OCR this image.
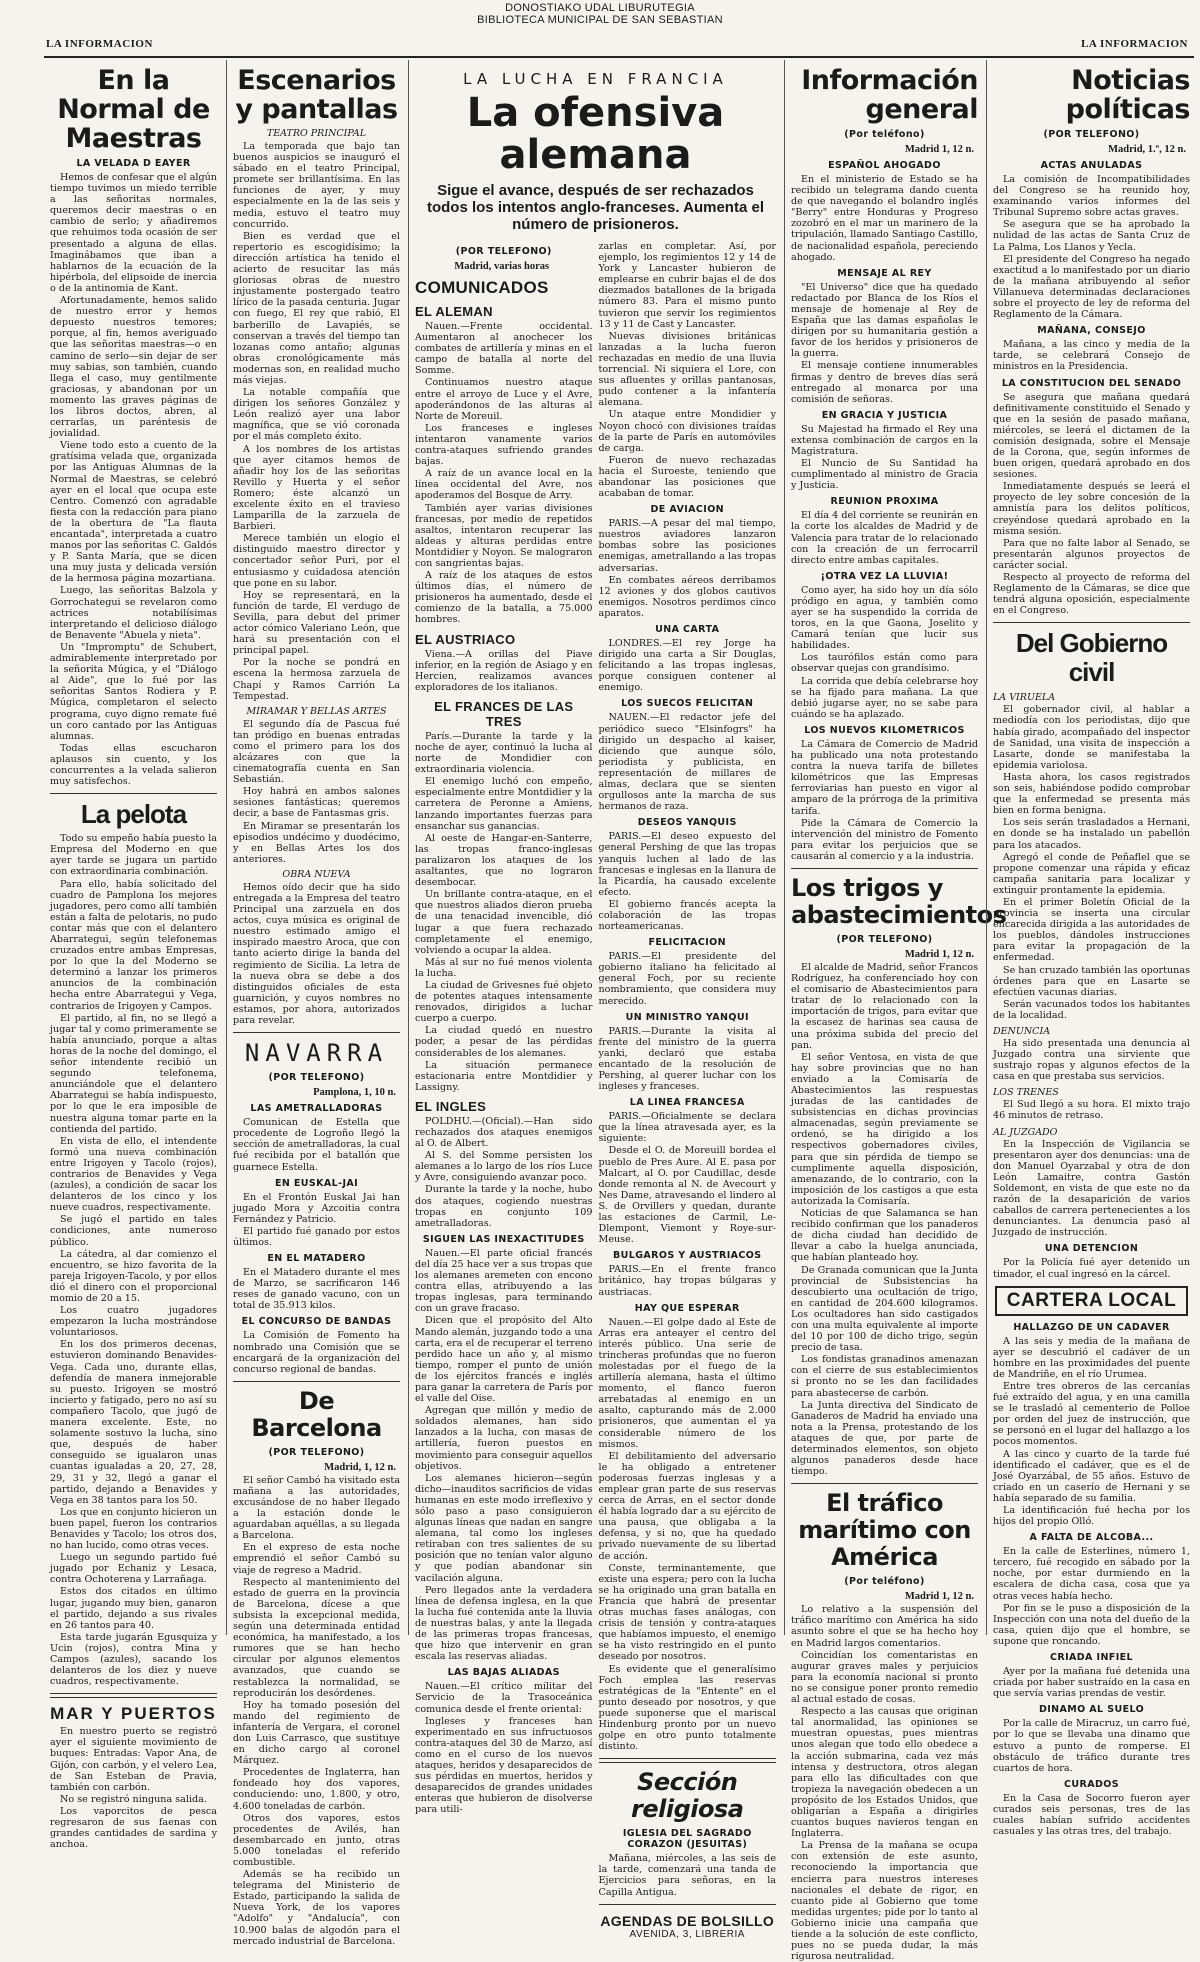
DONOSTIAKO UDAL LIBURUTEGIA
BIBLIOTECA MUNICIPAL DE SAN SEBASTIAN
LA INFORMACION	LA INFORMACION
En la Normal de Maestras
LA VELADA D EAYER

Hemos de confesar que el algún tiempo tuvimos un miedo terrible a las señoritas normales, queremos decir maestras o en cambio de serlo; y añadiremos que rehuimos toda ocasión de ser presentado a alguna de ellas. Imaginábamos que iban a hablarnos de la ecuación de la hipérbola, del elipsoide de inercia o de la antinomia de Kant.

Afortunadamente, hemos salido de nuestro error y hemos depuesto nuestros temores; porque, al fin, hemos averiguado que las señoritas maestras—o en camino de serlo—sin dejar de ser muy sabias, son también, cuando llega el caso, muy gentilmente graciosas, y abandonan por un momento las graves páginas de los libros doctos, abren, al cerrarlas, un paréntesis de jovialidad.

Viene todo esto a cuento de la gratísima velada que, organizada por las Antiguas Alumnas de la Normal de Maestras, se celebró ayer en el local que ocupa este Centro. Comenzó con agradable fiesta con la redacción para piano de la obertura de "La flauta encantada", interpretada a cuatro manos por las señoritas C. Galdós y P. Santa María, que se dicen una muy justa y delicada versión de la hermosa página mozartiana.

Luego, las señoritas Balzola y Gorrochategui se revelaron como actrices notabilísimas interpretando el delicioso diálogo de Benavente "Abuela y nieta".

Un "Impromptu" de Schubert, admirablemente interpretado por la señorita Múgica, y el "Diálogo al Aide", que lo fué por las señoritas Santos Rodiera y P. Múgica, completaron el selecto programa, cuyo digno remate fué un coro cantado por las Antiguas alumnas.

Todas ellas escucharon aplausos sin cuento, y los concurrentes a la velada salieron muy satisfechos.

La pelota

Todo su empeño había puesto la Empresa del Moderno en que ayer tarde se jugara un partido con extraordinaria combinación.

Para ello, había solicitado del cuadro de Pamplona los mejores jugadores, pero como allí también están a falta de pelotaris, no pudo contar más que con el delantero Abarrategui, según telefonemas cruzados entre ambas Empresas, por lo que la del Moderno se determinó a lanzar los primeros anuncios de la combinación hecha entre Abarrategui y Vega, contrarios de Irigoyen y Campos.

El partido, al fin, no se llegó a jugar tal y como primeramente se había anunciado, porque a altas horas de la noche del domingo, el señor intendente recibió un segundo telefonema, anunciándole que el delantero Abarrategui se había indispuesto, por lo que le era imposible de nuestra alguna tomar parte en la contienda del partido.

En vista de ello, el intendente formó una nueva combinación entre Irigoyen y Tacolo (rojos), contrarios de Benavides y Vega (azules), a condición de sacar los delanteros de los cinco y los nueve cuadros, respectivamente.

Se jugó el partido en tales condiciones, ante numeroso público.

La cátedra, al dar comienzo el encuentro, se hizo favorita de la pareja Irigoyen-Tacolo, y por ellos dió el dinero con el proporcional momio de 20 a 15.

Los cuatro jugadores empezaron la lucha mostrándose voluntariosos.

En los dos primeros decenas, estuvieron dominando Benavides-Vega. Cada uno, durante ellas, defendía de manera inmejorable su puesto. Irigoyen se mostró incierto y fatigado, pero no así su compañero Tacolo, que jugó de manera excelente. Este, no solamente sostuvo la lucha, sino que, después de haber conseguido se igualaron unas cuantas igualadas a 20, 27, 28, 29, 31 y 32, llegó a ganar el partido, dejando a Benavides y Vega en 38 tantos para los 50.

Los que en conjunto hicieron un buen papel, fueron los contrarios Benavides y Tacolo; los otros dos, no han lucido, como otras veces.

Luego un segundo partido fué jugado por Echaniz y Lesaca, contra Ochoterena y Larrañaga.

Estos dos citados en último lugar, jugando muy bien, ganaron el partido, dejando a sus rivales en 26 tantos para 40.

Esta tarde jugarán Egusquiza y Ucin (rojos), contra Mina y Campos (azules), sacando los delanteros de los diez y nueve cuadros, respectivamente.

MAR Y PUERTOS

En nuestro puerto se registró ayer el siguiente movimiento de buques: Entradas: Vapor Ana, de Gijón, con carbón, y el velero Lea, de San Esteban de Pravia, también con carbón.

No se registró ninguna salida.

Los vaporcitos de pesca regresaron de sus faenas con grandes cantidades de sardina y anchoa.

Escenarios y pantallas
TEATRO PRINCIPAL

La temporada que bajo tan buenos auspicios se inauguró el sábado en el teatro Principal, promete ser brillantísima. En las funciones de ayer, y muy especialmente en la de las seis y media, estuvo el teatro muy concurrido.

Bien es verdad que el repertorio es escogidísimo; la dirección artística ha tenido el acierto de resucitar las más gloriosas obras de nuestro injustamente postergado teatro lírico de la pasada centuria. Jugar con fuego, El rey que rabió, El barberillo de Lavapiés, se conservan a través del tiempo tan lozanas como antaño; algunas obras cronológicamente más modernas son, en realidad mucho más viejas.

La notable compañía que dirigen los señores González y León realizó ayer una labor magnífica, que se vió coronada por el más completo éxito.

A los nombres de los artistas que ayer citamos hemos de añadir hoy los de las señoritas Revillo y Huerta y el señor Romero; éste alcanzó un excelente éxito en el travieso Lamparilla de la zarzuela de Barbieri.

Merece también un elogio el distinguido maestro director y concertador señor Puri, por el entusiasmo y cuidadosa atención que pone en su labor.

Hoy se representará, en la función de tarde, El verdugo de Sevilla, para debut del primer actor cómico Valeriano León, que hará su presentación con el principal papel.

Por la noche se pondrá en escena la hermosa zarzuela de Chapí y Ramos Carrión La Tempestad.

MIRAMAR Y BELLAS ARTES

El segundo día de Pascua fué tan pródigo en buenas entradas como el primero para los dos alcázares con que la cinematografía cuenta en San Sebastián.

Hoy habrá en ambos salones sesiones fantásticas; queremos decir, a base de Fantasmas gris.

En Miramar se presentarán los episodios undécimo y duodécimo, y en Bellas Artes los dos anteriores.

OBRA NUEVA

Hemos oído decir que ha sido entregada a la Empresa del teatro Principal una zarzuela en dos actos, cuya música es original de nuestro estimado amigo el inspirado maestro Aroca, que con tanto acierto dirige la banda del regimiento de Sicilia. La letra de la nueva obra se debe a dos distinguidos oficiales de esta guarnición, y cuyos nombres no estamos, por ahora, autorizados para revelar.

NAVARRA
(POR TELEFONO)
Pamplona, 1, 10 n.
LAS AMETRALLADORAS

Comunican de Estella que procedente de Logroño llegó la sección de ametralladoras, la cual fué recibida por el batallón que guarnece Estella.

EN EUSKAL-JAI

En el Frontón Euskal Jai han jugado Mora y Azcoitia contra Fernández y Patricio.

El partido fué ganado por estos últimos.

EN EL MATADERO

En el Matadero durante el mes de Marzo, se sacrificaron 146 reses de ganado vacuno, con un total de 35.913 kilos.

EL CONCURSO DE BANDAS

La Comisión de Fomento ha nombrado una Comisión que se encargará de la organización del concurso regional de bandas.

De Barcelona
(POR TELEFONO)
Madrid, 1, 12 n.

El señor Cambó ha visitado esta mañana a las autoridades, excusándose de no haber llegado a la estación donde le aguardaban aquéllas, a su llegada a Barcelona.

En el expreso de esta noche emprendió el señor Cambó su viaje de regreso a Madrid.

Respecto al mantenimiento del estado de guerra en la provincia de Barcelona, dícese a que subsista la excepcional medida, según una determinada entidad económica, ha manifestado, a los rumores que se han hecho circular por algunos elementos avanzados, que cuando se restablezca la normalidad, se reproducirán los desórdenes.

Hoy ha tomado posesión del mando del regimiento de infantería de Vergara, el coronel don Luis Carrasco, que sustituye en dicho cargo al coronel Márquez.

Procedentes de Inglaterra, han fondeado hoy dos vapores, conduciendo: uno, 1.800, y otro, 4.600 toneladas de carbón.

Otros dos vapores, estos procedentes de Avilés, han desembarcado en junto, otras 5.000 toneladas el referido combustible.

Además se ha recibido un telegrama del Ministerio de Estado, participando la salida de Nueva York, de los vapores "Adolfo" y "Andalucía", con 10.900 balas de algodón para el mercado industrial de Barcelona.

LA LUCHA EN FRANCIA
La ofensiva alemana
Sigue el avance, después de ser rechazados todos los intentos anglo-franceses. Aumenta el número de prisioneros.
(POR TELEFONO)
Madrid, varias horas
COMUNICADOS
EL ALEMAN

Nauen.—Frente occidental. Aumentaron al anochecer los combates de artillería y minas en el campo de batalla al norte del Somme.

Continuamos nuestro ataque entre el arroyo de Luce y el Avre, apoderándonos de las alturas al Norte de Moreuil.

Los franceses e ingleses intentaron vanamente varios contra-ataques sufriendo grandes bajas.

A raíz de un avance local en la línea occidental del Avre, nos apoderamos del Bosque de Arry.

También ayer varias divisiones francesas, por medio de repetidos asaltos, intentaron recuperar las aldeas y alturas perdidas entre Montdidier y Noyon. Se malograron con sangrientas bajas.

A raíz de los ataques de estos últimos días, el número de prisioneros ha aumentado, desde el comienzo de la batalla, a 75.000 hombres.

EL AUSTRIACO

Viena.—A orillas del Piave inferior, en la región de Asiago y en Hercien, realizamos avances exploradores de los italianos.

EL FRANCES DE LAS TRES

París.—Durante la tarde y la noche de ayer, continuó la lucha al norte de Mondidier con extraordinaria violencia.

El enemigo luchó con empeño, especialmente entre Montdidier y la carretera de Peronne a Amiens, lanzando importantes fuerzas para ensanchar sus ganancias.

Al oeste de Hangar-en-Santerre, las tropas franco-inglesas paralizaron los ataques de los asaltantes, que no lograron desembocar.

Un brillante contra-ataque, en el que nuestros aliados dieron prueba de una tenacidad invencible, dió lugar a que fuera rechazado completamente el enemigo, volviendo a ocupar la aldea.

Más al sur no fué menos violenta la lucha.

La ciudad de Grivesnes fué objeto de potentes ataques intensamente renovados, dirigidos a luchar cuerpo a cuerpo.

La ciudad quedó en nuestro poder, a pesar de las pérdidas considerables de los alemanes.

La situación permanece estacionaria entre Montdidier y Lassigny.

EL INGLES

POLDHU.—(Oficial).—Han sido rechazados dos ataques enemigos al O. de Albert.

Al S. del Somme persisten los alemanes a lo largo de los ríos Luce y Avre, consiguiendo avanzar poco.

Durante la tarde y la noche, hubo dos ataques, cogiendo nuestras tropas en conjunto 109 ametralladoras.

SIGUEN LAS INEXACTITUDES

Nauen.—El parte oficial francés del día 25 hace ver a sus tropas que los alemanes aremeten con encono contra ellas, atribuyendo a las tropas inglesas, para terminando con un grave fracaso.

Dicen que el propósito del Alto Mando alemán, juzgando todo a una carta, era el de recuperar el terreno perdido hace un año y, al mismo tiempo, romper el punto de unión de los ejércitos francés e inglés para ganar la carretera de París por el valle del Oise.

Agregan que millón y medio de soldados alemanes, han sido lanzados a la lucha, con masas de artillería, fueron puestos en movimiento para conseguir aquellos objetivos.

Los alemanes hicieron—según dicho—inauditos sacrificios de vidas humanas en este modo irreflexivo y sólo paso a paso consiguieron algunas líneas que nadan en sangre alemana, tal como los ingleses retiraban con tres salientes de su posición que no tenían valor alguno y que podían abandonar sin vacilación alguna.

Pero llegados ante la verdadera línea de defensa inglesa, en la que la lucha fué contenida ante la lluvia de nuestras balas, y ante la llegada de las primeras tropas francesas, que hizo que intervenir en gran escala las reservas aliadas.

LAS BAJAS ALIADAS

Nauen.—El crítico militar del Servicio de la Trasoceánica comunica desde el frente oriental:

Ingleses y franceses han experimentado en sus infructuosos contra-ataques del 30 de Marzo, así como en el curso de los nuevos ataques, heridos y desaparecidos de sus pérdidas en muertos, heridos y desaparecidos de grandes unidades enteras que hubieron de disolverse para utili-

zarlas en completar. Así, por ejemplo, los regimientos 12 y 14 de York y Lancaster hubieron de emplearse en cubrir bajas el de dos diezmados batallones de la brigada número 83. Para el mismo punto tuvieron que servir los regimientos 13 y 11 de Cast y Lancaster.

Nuevas divisiones británicas lanzadas a la lucha fueron rechazadas en medio de una lluvia torrencial. Ni siquiera el Lore, con sus afluentes y orillas pantanosas, pudo contener a la infantería alemana.

Un ataque entre Mondidier y Noyon chocó con divisiones traídas de la parte de París en automóviles de carga.

Fueron de nuevo rechazadas hacia el Suroeste, teniendo que abandonar las posiciones que acababan de tomar.

DE AVIACION

PARIS.—A pesar del mal tiempo, nuestros aviadores lanzaron bombas sobre las posiciones enemigas, ametrallando a las tropas adversarias.

En combates aéreos derribamos 12 aviones y dos globos cautivos enemigos. Nosotros perdimos cinco aparatos.

UNA CARTA

LONDRES.—El rey Jorge ha dirigido una carta a Sir Douglas, felicitando a las tropas inglesas, porque consiguen contener al enemigo.

LOS SUECOS FELICITAN

NAUEN.—El redactor jefe del periódico sueco "Elsinfogrs" ha dirigido un despacho al kaiser, diciendo que aunque sólo, periodista y publicista, en representación de millares de almas, declara que se sienten orgullosos ante la marcha de sus hermanos de raza.

DESEOS YANQUIS

PARIS.—El deseo expuesto del general Pershing de que las tropas yanquis luchen al lado de las francesas e inglesas en la llanura de la Picardía, ha causado excelente efecto.

El gobierno francés acepta la colaboración de las tropas norteamericanas.

FELICITACION

PARIS.—El presidente del gobierno italiano ha felicitado al general Foch, por su reciente nombramiento, que considera muy merecido.

UN MINISTRO YANQUI

PARIS.—Durante la visita al frente del ministro de la guerra yanki, declaró que estaba encantado de la resolución de Pershing, al querer luchar con los ingleses y franceses.

LA LINEA FRANCESA

PARIS.—Oficialmente se declara que la línea atravesada ayer, es la siguiente:

Desde el O. de Moreuill bordea el pueblo de Pres Aure. Al E. pasa por Malcart, al O. por Caudillac, desde donde remonta al N. de Avecourt y Nes Dame, atravesando el lindero al S. de Orvillers y quedan, durante las estaciones de Carmil, Le-Dlempont, Viemont y Roye-sur-Meuse.

BULGAROS Y AUSTRIACOS

PARIS.—En el frente franco británico, hay tropas búlgaras y austriacas.

HAY QUE ESPERAR

Nauen.—El golpe dado al Este de Arras era anteayer el centro del interés público. Una serie de trincheras profundas que no fueron molestadas por el fuego de la artillería alemana, hasta el último momento, el flanco fueron arrebatadas al enemigo en un asalto, capturando más de 2.000 prisioneros, que aumentan el ya considerable número de los mismos.

El debilitamiento del adversario le ha obligado a entretener poderosas fuerzas inglesas y a emplear gran parte de sus reservas cerca de Arras, en el sector donde él había logrado dar a su ejército de una pausa, que obligaba a la defensa, y si no, que ha quedado privado nuevamente de su libertad de acción.

Conste, terminantemente, que existe una espera; pero con la lucha se ha originado una gran batalla en Francia que habrá de presentar otras muchas fases análogas, con crisis de tensión y contra-ataques que habíamos impuesto, el enemigo se ha visto restringido en el punto deseado por nosotros.

Es evidente que el generalísimo Foch emplea las reservas estratégicas de la "Entente" en el punto deseado por nosotros, y que puede suponerse que el mariscal Hindenburg pronto por un nuevo golpe en otro punto totalmente distinto.

Sección religiosa
IGLESIA DEL SAGRADO CORAZON (JESUITAS)

Mañana, miércoles, a las seis de la tarde, comenzará una tanda de Ejercicios para señoras, en la Capilla Antigua.

AGENDAS DE BOLSILLO
AVENIDA, 3, LIBRERIA
Información general
(Por teléfono)
Madrid 1, 12 n.
ESPAÑOL AHOGADO

En el ministerio de Estado se ha recibido un telegrama dando cuenta de que navegando el bolandro inglés "Berry" entre Honduras y Progreso zozobró en el mar un marinero de la tripulación, llamado Santiago Castillo, de nacionalidad española, pereciendo ahogado.

MENSAJE AL REY

"El Universo" dice que ha quedado redactado por Blanca de los Ríos el mensaje de homenaje al Rey de España que las damas españolas le dirigen por su humanitaria gestión a favor de los heridos y prisioneros de la guerra.

El mensaje contiene innumerables firmas y dentro de breves días será entregado al monarca por una comisión de señoras.

EN GRACIA Y JUSTICIA

Su Majestad ha firmado el Rey una extensa combinación de cargos en la Magistratura.

El Nuncio de Su Santidad ha cumplimentado al ministro de Gracia y Justicia.

REUNION PROXIMA

El día 4 del corriente se reunirán en la corte los alcaldes de Madrid y de Valencia para tratar de lo relacionado con la creación de un ferrocarril directo entre ambas capitales.

¡OTRA VEZ LA LLUVIA!

Como ayer, ha sido hoy un día sólo pródigo en agua, y también como ayer se ha suspendido la corrida de toros, en la que Gaona, Joselito y Camará tenían que lucir sus habilidades.

Los taurófilos están como para observar quejas con grandísimo.

La corrida que debía celebrarse hoy se ha fijado para mañana. La que debió jugarse ayer, no se sabe para cuándo se ha aplazado.

LOS NUEVOS KILOMETRICOS

La Cámara de Comercio de Madrid ha publicado una nota protestando contra la nueva tarifa de billetes kilométricos que las Empresas ferroviarias han puesto en vigor al amparo de la prórroga de la primitiva tarifa.

Pide la Cámara de Comercio la intervención del ministro de Fomento para evitar los perjuicios que se causarán al comercio y a la industria.

Los trigos y abastecimientos
(POR TELEFONO)
Madrid 1, 12 n.

El alcalde de Madrid, señor Francos Rodríguez, ha conferenciado hoy con el comisario de Abastecimientos para tratar de lo relacionado con la importación de trigos, para evitar que la escasez de harinas sea causa de una próxima subida del precio del pan.

El señor Ventosa, en vista de que hay sobre provincias que no han enviado a la Comisaría de Abastecimientos las respuestas juradas de las cantidades de subsistencias en dichas provincias almacenadas, según previamente se ordenó, se ha dirigido a los respectivos gobernadores civiles, para que sin pérdida de tiempo se cumplimente aquella disposición, amenazando, de lo contrario, con la imposición de los castigos a que esta autorizada la Comisaría.

Noticias de que Salamanca se han recibido confirman que los panaderos de dicha ciudad han decidido de llevar a cabo la huelga anunciada, que habían planteado hoy.

De Granada comunican que la Junta provincial de Subsistencias ha descubierto una ocultación de trigo, en cantidad de 204.600 kilogramos. Los ocultadores han sido castigados con una multa equivalente al importe del 10 por 100 de dicho trigo, según precio de tasa.

Los fondistas granadinos amenazan con el cierre de sus establecimientos si pronto no se les dan facilidades para abastecerse de carbón.

La Junta directiva del Sindicato de Ganaderos de Madrid ha enviado una nota a la Prensa, protestando de los ataques de que, por parte de determinados elementos, son objeto algunos panaderos desde hace tiempo.

El tráfico marítimo con América
(Por teléfono)
Madrid 1, 12 n.

Lo relativo a la suspensión del tráfico marítimo con América ha sido asunto sobre el que se ha hecho hoy en Madrid largos comentarios.

Coincidían los comentaristas en augurar graves males y perjuicios para la economía nacional si pronto no se consigue poner pronto remedio al actual estado de cosas.

Respecto a las causas que originan tal anormalidad, las opiniones se muestran opuestas, pues mientras unos alegan que todo ello obedece a la acción submarina, cada vez más intensa y destructora, otros alegan para ello las dificultades con que tropieza la navegación obedecen a un propósito de los Estados Unidos, que obligarían a España a dirigirles cuantos buques navieros tengan en Inglaterra.

La Prensa de la mañana se ocupa con extensión de este asunto, reconociendo la importancia que encierra para nuestros intereses nacionales el debate de rigor, en cuanto pide al Gobierno que tome medidas urgentes; pide por lo tanto al Gobierno inicie una campaña que tiende a la solución de este conflicto, pues no se pueda dudar, la más rigurosa neutralidad.

Noticias políticas
(POR TELEFONO)
Madrid, 1.º, 12 n.
ACTAS ANULADAS

La comisión de Incompatibilidades del Congreso se ha reunido hoy, examinando varios informes del Tribunal Supremo sobre actas graves.

Se asegura que se ha aprobado la nulidad de las actas de Santa Cruz de La Palma, Los Llanos y Yecla.

El presidente del Congreso ha negado exactitud a lo manifestado por un diario de la mañana atribuyendo al señor Villanueva determinadas declaraciones sobre el proyecto de ley de reforma del Reglamento de la Cámara.

MAÑANA, CONSEJO

Mañana, a las cinco y media de la tarde, se celebrará Consejo de ministros en la Presidencia.

LA CONSTITUCION DEL SENADO

Se asegura que mañana quedará definitivamente constituido el Senado y que en la sesión de pasado mañana, miércoles, se leerá el dictamen de la comisión designada, sobre el Mensaje de la Corona, que, según informes de buen origen, quedará aprobado en dos sesiones.

Inmediatamente después se leerá el proyecto de ley sobre concesión de la amnistía para los delitos políticos, creyéndose quedará aprobado en la misma sesión.

Para que no falte labor al Senado, se presentarán algunos proyectos de carácter social.

Respecto al proyecto de reforma del Reglamento de la Cámaras, se dice que tendrá alguna oposición, especialmente en el Congreso.

Del Gobierno civil
LA VIRUELA

El gobernador civil, al hablar a mediodía con los periodistas, dijo que había girado, acompañado del inspector de Sanidad, una visita de inspección a Lasarte, donde se manifestaba la epidemia variolosa.

Hasta ahora, los casos registrados son seis, habiéndose podido comprobar que la enfermedad se presenta más bien en forma benigna.

Los seis serán trasladados a Hernani, en donde se ha instalado un pabellón para los atacados.

Agregó el conde de Peñaflel que se propone comenzar una rápida y eficaz campaña sanitaria para localizar y extinguir prontamente la epidemia.

En el primer Boletín Oficial de la provincia se inserta una circular encarecida dirigida a las autoridades de los pueblos, dándoles instrucciones para evitar la propagación de la enfermedad.

Se han cruzado también las oportunas órdenes para que en Lasarte se efectúen vacunas diarias.

Serán vacunados todos los habitantes de la localidad.

DENUNCIA

Ha sido presentada una denuncia al Juzgado contra una sirviente que sustrajo ropas y algunos efectos de la casa en que prestaba sus servicios.

LOS TRENES

El Sud llegó a su hora. El mixto trajo 46 minutos de retraso.

AL JUZGADO

En la Inspección de Vigilancia se presentaron ayer dos denuncias: una de don Manuel Oyarzabal y otra de don León Lamaitre, contra Gastón Soldemont, en vista de que este no da razón de la desaparición de varios caballos de carrera pertenecientes a los denunciantes. La denuncia pasó al Juzgado de instrucción.

UNA DETENCION

Por la Policía fué ayer detenido un timador, el cual ingresó en la cárcel.

CARTERA LOCAL
HALLAZGO DE UN CADAVER

A las seis y media de la mañana de ayer se descubrió el cadáver de un hombre en las proximidades del puente de Mandriñe, en el río Urumea.

Entre tres obreros de las cercanías fué extraído del agua, y en una camilla se le trasladó al cementerio de Polloe por orden del juez de instrucción, que se personó en el lugar del hallazgo a los pocos momentos.

A las cinco y cuarto de la tarde fué identificado el cadáver, que es el de José Oyarzábal, de 55 años. Estuvo de criado en un caserío de Hernani y se había separado de su familia.

La identificación fué hecha por los hijos del propio Olló.

A FALTA DE ALCOBA...

En la calle de Esterlines, número 1, tercero, fué recogido en sábado por la noche, por estar durmiendo en la escalera de dicha casa, cosa que ya otras veces había hecho.

Por fin se le puso a disposición de la Inspección con una nota del dueño de la casa, quien dijo que el hombre, se supone que roncando.

CRIADA INFIEL

Ayer por la mañana fué detenida una criada por haber sustraído en la casa en que servía varias prendas de vestir.

DINAMO AL SUELO

Por la calle de Miracruz, un carro fué, por lo que se llevaba una dinamo que estuvo a punto de romperse. El obstáculo de tráfico durante tres cuartos de hora.

CURADOS

En la Casa de Socorro fueron ayer curados seis personas, tres de las cuales habían sufrido accidentes casuales y las otras tres, del trabajo.
